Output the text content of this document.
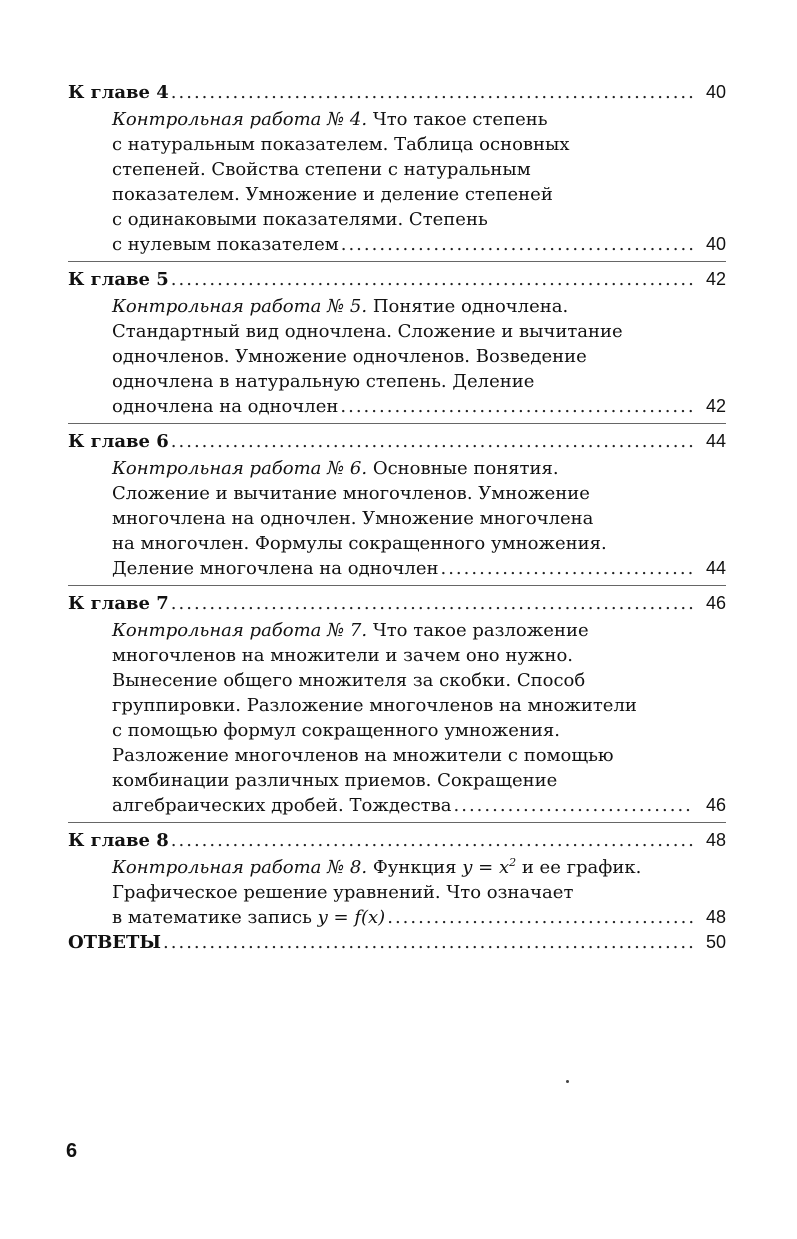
К главе 4 .....	40
Контрольная работа № 4. Что такое степень
с натуральным показателем. Таблица основных
степеней. Свойства степени с натуральным
показателем. Умножение и деление степеней
с одинаковыми показателями. Степень
с нулевым показателем .....	40
К главе 5 .....	42
Контрольная работа № 5. Понятие одночлена.
Стандартный вид одночлена. Сложение и вычитание
одночленов. Умножение одночленов. Возведение
одночлена в натуральную степень. Деление
одночлена на одночлен .....	42
К главе 6 .....	44
Контрольная работа № 6. Основные понятия.
Сложение и вычитание многочленов. Умножение
многочлена на одночлен. Умножение многочлена
на многочлен. Формулы сокращенного умножения.
Деление многочлена на одночлен .....	44
К главе 7 .....	46
Контрольная работа № 7. Что такое разложение
многочленов на множители и зачем оно нужно.
Вынесение общего множителя за скобки. Способ
группировки. Разложение многочленов на множители
с помощью формул сокращенного умножения.
Разложение многочленов на множители с помощью
комбинации различных приемов. Сокращение
алгебраических дробей. Тождества .....	46
К главе 8 .....	48
Контрольная работа № 8. Функция $y = x^2$ и ее график.
Графическое решение уравнений. Что означает
в математике запись y = f(x) .....	48
ОТВЕТЫ .....	50
6
